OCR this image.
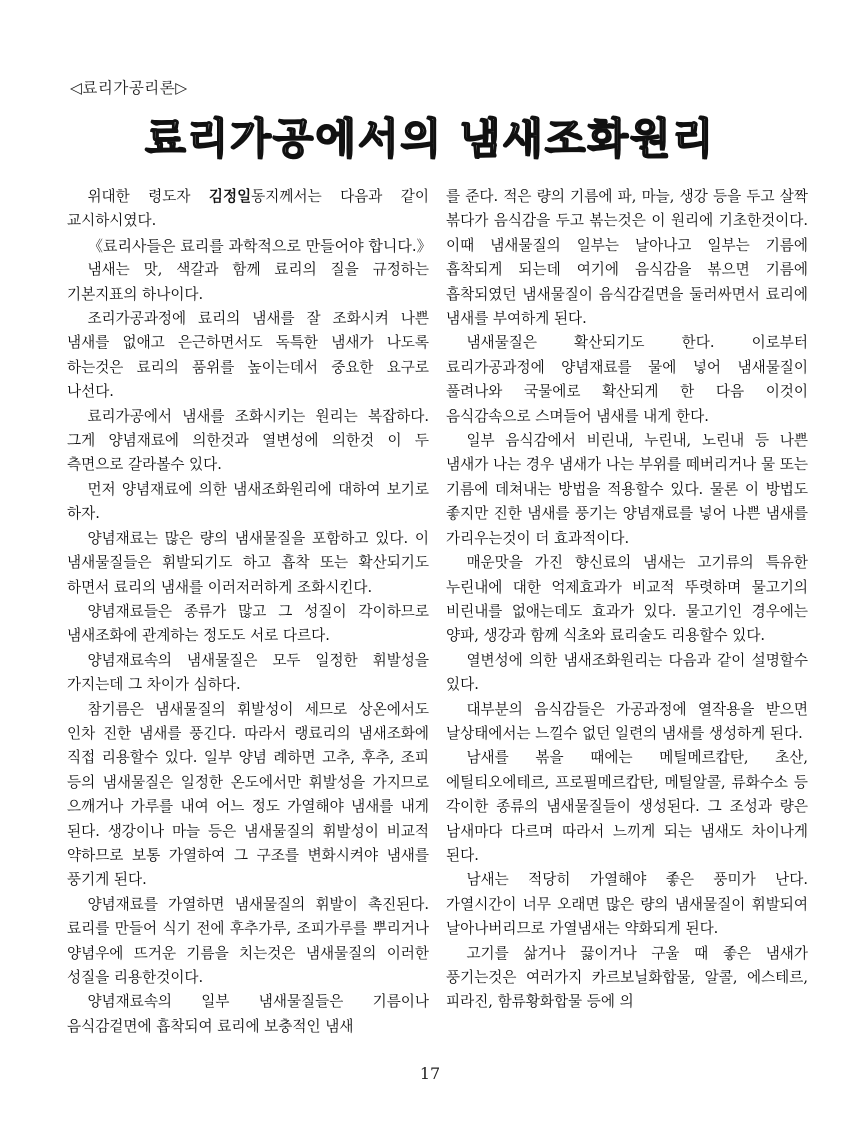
◁료리가공리론▷
료리가공에서의 냄새조화원리

위대한 령도자 김정일동지께서는 다음과 같이 교시하시였다.

《료리사들은 료리를 과학적으로 만들어야 합니다.》

냄새는 맛, 색갈과 함께 료리의 질을 규정하는 기본지표의 하나이다.

조리가공과정에 료리의 냄새를 잘 조화시켜 나쁜 냄새를 없애고 은근하면서도 독특한 냄새가 나도록 하는것은 료리의 품위를 높이는데서 중요한 요구로 나선다.

료리가공에서 냄새를 조화시키는 원리는 복잡하다. 그게 양념재료에 의한것과 열변성에 의한것 이 두 측면으로 갈라볼수 있다.

먼저 양념재료에 의한 냄새조화원리에 대하여 보기로 하자.

양념재료는 많은 량의 냄새물질을 포함하고 있다. 이 냄새물질들은 휘발되기도 하고 흡착 또는 확산되기도 하면서 료리의 냄새를 이러저러하게 조화시킨다.

양념재료들은 종류가 많고 그 성질이 각이하므로 냄새조화에 관계하는 정도도 서로 다르다.

양념재료속의 냄새물질은 모두 일정한 휘발성을 가지는데 그 차이가 심하다.

참기름은 냄새물질의 휘발성이 세므로 상온에서도 인차 진한 냄새를 풍긴다. 따라서 랭료리의 냄새조화에 직접 리용할수 있다. 일부 양념 례하면 고추, 후추, 조피 등의 냄새물질은 일정한 온도에서만 휘발성을 가지므로 으깨거나 가루를 내여 어느 정도 가열해야 냄새를 내게 된다. 생강이나 마늘 등은 냄새물질의 휘발성이 비교적 약하므로 보통 가열하여 그 구조를 변화시켜야 냄새를 풍기게 된다.

양념재료를 가열하면 냄새물질의 휘발이 촉진된다. 료리를 만들어 식기 전에 후추가루, 조피가루를 뿌리거나 양념우에 뜨거운 기름을 치는것은 냄새물질의 이러한 성질을 리용한것이다.

양념재료속의 일부 냄새물질들은 기름이나 음식감겉면에 흡착되여 료리에 보충적인 냄새

를 준다. 적은 량의 기름에 파, 마늘, 생강 등을 두고 살짝 볶다가 음식감을 두고 볶는것은 이 원리에 기초한것이다. 이때 냄새물질의 일부는 날아나고 일부는 기름에 흡착되게 되는데 여기에 음식감을 볶으면 기름에 흡착되였던 냄새물질이 음식감겉면을 둘러싸면서 료리에 냄새를 부여하게 된다.

냄새물질은 확산되기도 한다. 이로부터 료리가공과정에 양념재료를 물에 넣어 냄새물질이 풀려나와 국물에로 확산되게 한 다음 이것이 음식감속으로 스며들어 냄새를 내게 한다.

일부 음식감에서 비린내, 누린내, 노린내 등 나쁜 냄새가 나는 경우 냄새가 나는 부위를 떼버리거나 물 또는 기름에 데쳐내는 방법을 적용할수 있다. 물론 이 방법도 좋지만 진한 냄새를 풍기는 양념재료를 넣어 나쁜 냄새를 가리우는것이 더 효과적이다.

매운맛을 가진 향신료의 냄새는 고기류의 특유한 누린내에 대한 억제효과가 비교적 뚜렷하며 물고기의 비린내를 없애는데도 효과가 있다. 물고기인 경우에는 양파, 생강과 함께 식초와 료리술도 리용할수 있다.

열변성에 의한 냄새조화원리는 다음과 같이 설명할수 있다.

대부분의 음식감들은 가공과정에 열작용을 받으면 날상태에서는 느낄수 없던 일련의 냄새를 생성하게 된다.

남새를 볶을 때에는 메틸메르캅탄, 초산, 에틸티오에테르, 프로필메르캅탄, 메틸알콜, 류화수소 등 각이한 종류의 냄새물질들이 생성된다. 그 조성과 량은 남새마다 다르며 따라서 느끼게 되는 냄새도 차이나게 된다.

남새는 적당히 가열해야 좋은 풍미가 난다. 가열시간이 너무 오래면 많은 량의 냄새물질이 휘발되여 날아나버리므로 가열냄새는 약화되게 된다.

고기를 삶거나 끓이거나 구울 때 좋은 냄새가 풍기는것은 여러가지 카르보닐화합물, 알콜, 에스테르, 피라진, 함류황화합물 등에 의

17
